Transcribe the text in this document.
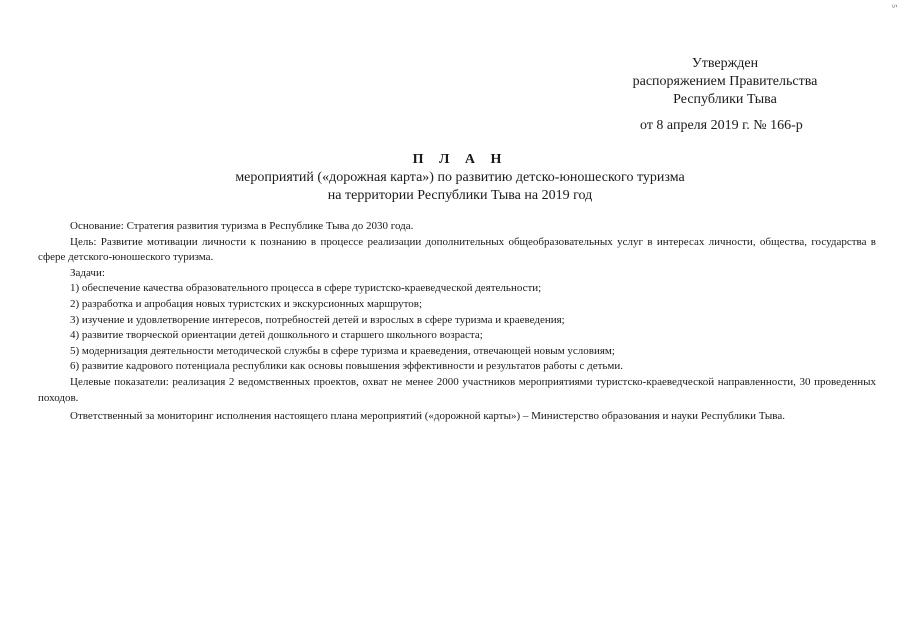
5
Утвержден
распоряжением Правительства
Республики Тыва
от 8 апреля 2019 г. № 166-р
П Л А Н
мероприятий («дорожная карта») по развитию детско-юношеского туризма
на территории Республики Тыва на 2019 год

Основание: Стратегия развития туризма в Республике Тыва до 2030 года.

Цель: Развитие мотивации личности к познанию в процессе реализации дополнительных общеобразовательных услуг в интересах личности, общества, государства в сфере детского-юношеского туризма.

Задачи:

1) обеспечение качества образовательного процесса в сфере туристско-краеведческой деятельности;

2) разработка и апробация новых туристских и экскурсионных маршрутов;

3) изучение и удовлетворение интересов, потребностей детей и взрослых в сфере туризма и краеведения;

4) развитие творческой ориентации детей дошкольного и старшего школьного возраста;

5) модернизация деятельности методической службы в сфере туризма и краеведения, отвечающей новым условиям;

6) развитие кадрового потенциала республики как основы повышения эффективности и результатов работы с детьми.

Целевые показатели: реализация 2 ведомственных проектов, охват не менее 2000 участников мероприятиями туристско-краеведческой направленности, 30 проведенных походов.

Ответственный за мониторинг исполнения настоящего плана мероприятий («дорожной карты») – Министерство образования и науки Республики Тыва.
